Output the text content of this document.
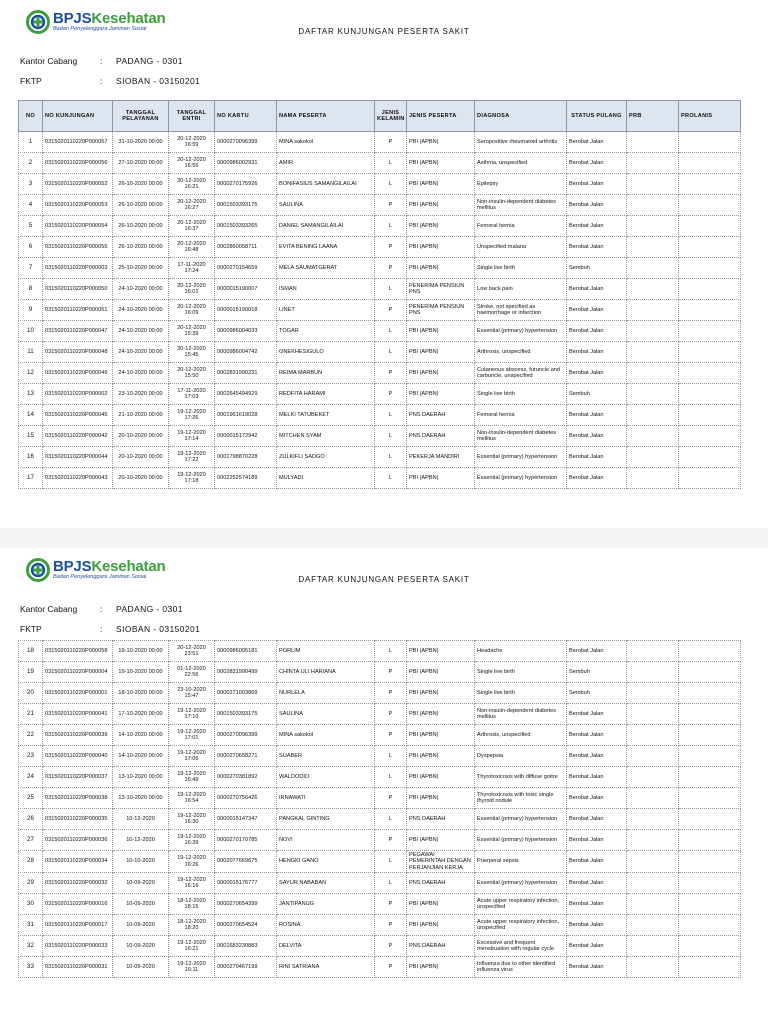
BPJSKesehatan
Badan Penyelenggara Jaminan Sosial	DAFTAR KUNJUNGAN PESERTA SAKIT
Kantor Cabang	:	PADANG - 0301
FKTP	:	SIOBAN - 03150201
NO	NO KUNJUNGAN	TANGGAL PELAYANAN	TANGGAL ENTRI	NO KARTU	NAMA PESERTA	JENIS KELAMIN	JENIS PESERTA	DIAGNOSA	STATUS PULANG	PRB	PROLANIS
1	0315020110220P000057	31-10-2020 00:00	20-12-2020 16:59	0000270096399	MINA sakokol	P	PBI (APBN)	Seropositive rheumatoid arthritis	Berobat Jalan		
2	0315020110220P000056	27-10-2020 00:00	20-12-2020 16:55	0000986002931	AMIR	L	PBI (APBN)	Asthma, unspecified	Berobat Jalan		
3	0315020110220P000052	26-10-2020 00:00	20-12-2020 16:21	0000270175926	BONIFASIUS SAMANGILAILAI	L	PBI (APBN)	Epilepsy	Berobat Jalan		
4	0315020110220P000053	26-10-2020 00:00	20-12-2020 16:27	0001503393175	SAULINA	P	PBI (APBN)	Non-insulin-dependent diabetes mellitus	Berobat Jalan		
5	0315020110220P000054	26-10-2020 00:00	20-12-2020 16:37	0001503393265	DANIEL SAMANGILAILAI	L	PBI (APBN)	Femoral hernia	Berobat Jalan		
6	0315020110220P000055	26-10-2020 00:00	20-12-2020 16:48	0002860058711	EVITA BENING LAANA	P	PBI (APBN)	Unspecified malaria	Berobat Jalan		
7	0315020110220P000003	25-10-2020 00:00	17-11-2020 17:24	0000270154659	MELA SAUMATGERAT	P	PBI (APBN)	Single live birth	Sembuh		
8	0315020110220P000050	24-10-2020 00:00	20-12-2020 16:01	0000015190007	ISMAN	L	PENERIMA PENSIUN PNS	Low back pain	Berobat Jalan		
9	0315020110220P000051	24-10-2020 00:00	20-12-2020 16:09	0000015190018	LINET	P	PENERIMA PENSIUN PNS	Stroke, not specified as haemorrhage or infarction	Berobat Jalan		
10	0315020110220P000047	24-10-2020 00:00	20-12-2020 15:39	0000986004033	TOGAR	L	PBI (APBN)	Essential (primary) hypertension	Berobat Jalan		
11	0315020110220P000048	24-10-2020 00:00	20-12-2020 15:45	0000986004742	ONEKHESIGULO	L	PBI (APBN)	Arthrosis, unspecified	Berobat Jalan		
12	0315020110220P000049	24-10-2020 00:00	20-12-2020 15:50	0002831990231	REIMA MARBUN	P	PBI (APBN)	Cutaneous abscess, furuncle and carbuncle, unspecified	Berobat Jalan		
13	0315020110220P000002	23-10-2020 00:00	17-11-2020 17:03	0002645494929	REDFITA HARAMI	P	PBI (APBN)	Single live birth	Sembuh		
14	0315020110220P000045	21-10-2020 00:00	19-12-2020 17:26	0001961619028	MELKI TATUBEKET	L	PNS DAERAH	Femoral hernia	Berobat Jalan		
15	0315020110220P000042	20-10-2020 00:00	19-12-2020 17:14	0000015172942	MITCHEN SYAM	L	PNS DAERAH	Non-insulin-dependent diabetes mellitus	Berobat Jalan		
16	0315020110220P000044	20-10-2020 00:00	19-12-2020 17:22	0001798870228	ZULKIFLI SADGO	L	PEKERJA MANDIRI	Essential (primary) hypertension	Berobat Jalan		
17	0315020110220P000043	20-10-2020 00:00	19-12-2020 17:18	0002252574189	MULYADI	L	PBI (APBN)	Essential (primary) hypertension	Berobat Jalan		
BPJSKesehatan
Badan Penyelenggara Jaminan Sosial	DAFTAR KUNJUNGAN PESERTA SAKIT
Kantor Cabang	:	PADANG - 0301
FKTP	:	SIOBAN - 03150201
18	0315020110220P000058	19-10-2020 00:00	20-12-2020 23:51	0000986005181	PORLIM	L	PBI (APBN)	Headache	Berobat Jalan		
19	0315020110220P000004	19-10-2020 00:00	01-12-2020 22:56	0002831990499	CHINTA ULI HARIANA	P	PBI (APBN)	Single live birth	Sembuh		
20	0315020110220P000001	18-10-2020 00:00	23-10-2020 15:47	0000271003869	NURLELA	P	PBI (APBN)	Single live birth	Sembuh		
21	0315020110220P000041	17-10-2020 00:00	19-12-2020 17:10	0001503393175	SAULINA	P	PBI (APBN)	Non-insulin-dependent diabetes mellitus	Berobat Jalan		
22	0315020110220P000039	14-10-2020 00:00	19-12-2020 17:01	0000270096399	MINA sakokol	P	PBI (APBN)	Arthrosis, unspecified	Berobat Jalan		
23	0315020110220P000040	14-10-2020 00:00	19-12-2020 17:06	0000270658271	SUABER	L	PBI (APBN)	Dyspepsia	Berobat Jalan		
24	0315020110220P000037	13-10-2020 00:00	19-12-2020 16:49	0000270381892	WALDODIO	L	PBI (APBN)	Thyrotoxicosis with diffuse goitre	Berobat Jalan		
25	0315020110220P000038	13-10-2020 00:00	19-12-2020 16:54	0000270756426	IRNAWATI	P	PBI (APBN)	Thyrotoxicosis with toxic single thyroid nodule	Berobat Jalan		
26	0315020110220P000035	10-12-2020	19-12-2020 16:30	0000015147347	PANGKAL GINTING	L	PNS DAERAH	Essential (primary) hypertension	Berobat Jalan		
27	0315020110220P000036	10-12-2020	19-12-2020 16:39	0000270170785	NOVI	P	PBI (APBN)	Essential (primary) hypertension	Berobat Jalan		
28	0315020110220P000034	10-10-2020	19-12-2020 16:26	0002077669675	HENGKI GANO	L	PEGAWAI PEMERINTAH DENGAN PERJANJIAN KERJA	Puerperal sepsis	Berobat Jalan		
29	0315020110220P000032	10-09-2020	19-12-2020 16:16	0000015176777	SAYUR NABABAN	L	PNS DAERAH	Essential (primary) hypertension	Berobat Jalan		
30	0315020110220P000016	10-09-2020	18-12-2020 18:15	0000270654399	JANTIPANUG	P	PBI (APBN)	Acute upper respiratory infection, unspecified	Berobat Jalan		
31	0315020110220P000017	10-09-2020	18-12-2020 18:20	0000270654524	ROSINA	P	PBI (APBN)	Acute upper respiratory infection, unspecified	Berobat Jalan		
32	0315020110220P000033	10-09-2020	19-12-2020 16:21	0001683230883	DELVITA	P	PNS DAERAH	Excessive and frequent menstruation with regular cycle	Berobat Jalan		
33	0315020110220P000031	10-09-2020	19-12-2020 16:11	0000270467199	RINI SATRIANA	P	PBI (APBN)	Influenza due to other identified influenza virus	Berobat Jalan		
